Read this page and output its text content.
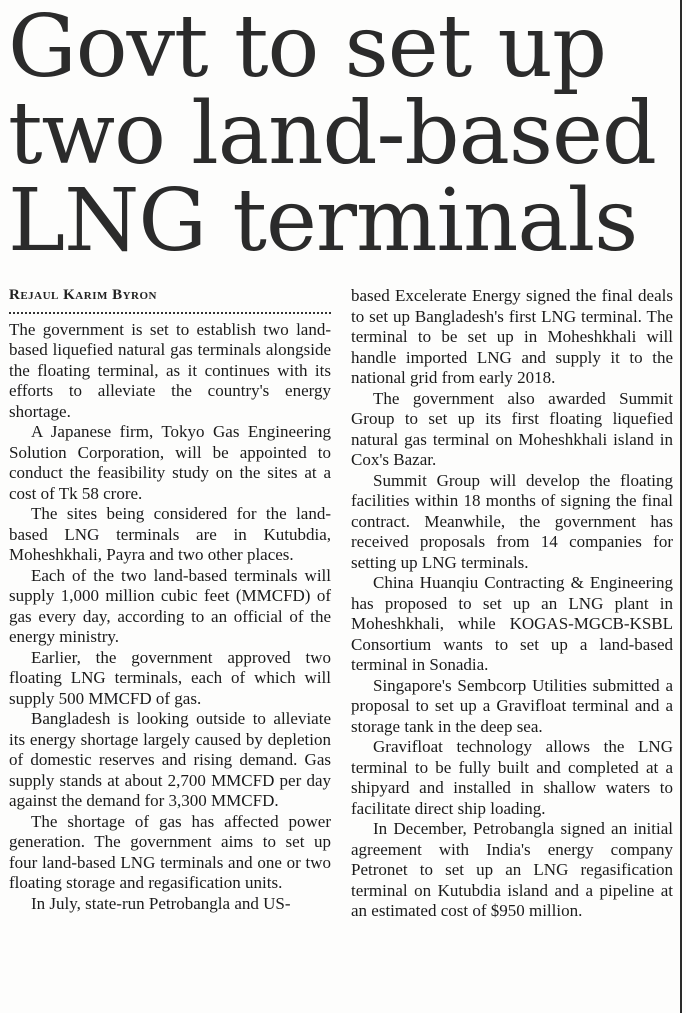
Govt to set up
two land-based
LNG terminals
Rejaul Karim Byron

The government is set to establish two land-based liquefied natural gas terminals alongside the floating terminal, as it continues with its efforts to alleviate the country's energy shortage.

A Japanese firm, Tokyo Gas Engineering Solution Corporation, will be appointed to conduct the feasibility study on the sites at a cost of Tk 58 crore.

The sites being considered for the land-based LNG terminals are in Kutubdia, Moheshkhali, Payra and two other places.

Each of the two land-based terminals will supply 1,000 million cubic feet (MMCFD) of gas every day, according to an official of the energy ministry.

Earlier, the government approved two floating LNG terminals, each of which will supply 500 MMCFD of gas.

Bangladesh is looking outside to alleviate its energy shortage largely caused by depletion of domestic reserves and rising demand. Gas supply stands at about 2,700 MMCFD per day against the demand for 3,300 MMCFD.

The shortage of gas has affected power generation. The government aims to set up four land-based LNG terminals and one or two floating storage and regasification units.

In July, state-run Petrobangla and US-

based Excelerate Energy signed the final deals to set up Bangladesh's first LNG terminal. The terminal to be set up in Moheshkhali will handle imported LNG and supply it to the national grid from early 2018.

The government also awarded Summit Group to set up its first floating liquefied natural gas terminal on Moheshkhali island in Cox's Bazar.

Summit Group will develop the floating facilities within 18 months of signing the final contract. Meanwhile, the government has received proposals from 14 companies for setting up LNG terminals.

China Huanqiu Contracting & Engineering has proposed to set up an LNG plant in Moheshkhali, while KOGAS-MGCB-KSBL Consortium wants to set up a land-based terminal in Sonadia.

Singapore's Sembcorp Utilities submitted a proposal to set up a Gravifloat terminal and a storage tank in the deep sea.

Gravifloat technology allows the LNG terminal to be fully built and completed at a shipyard and installed in shallow waters to facilitate direct ship loading.

In December, Petrobangla signed an initial agreement with India's energy company Petronet to set up an LNG regasification terminal on Kutubdia island and a pipeline at an estimated cost of $950 million.
